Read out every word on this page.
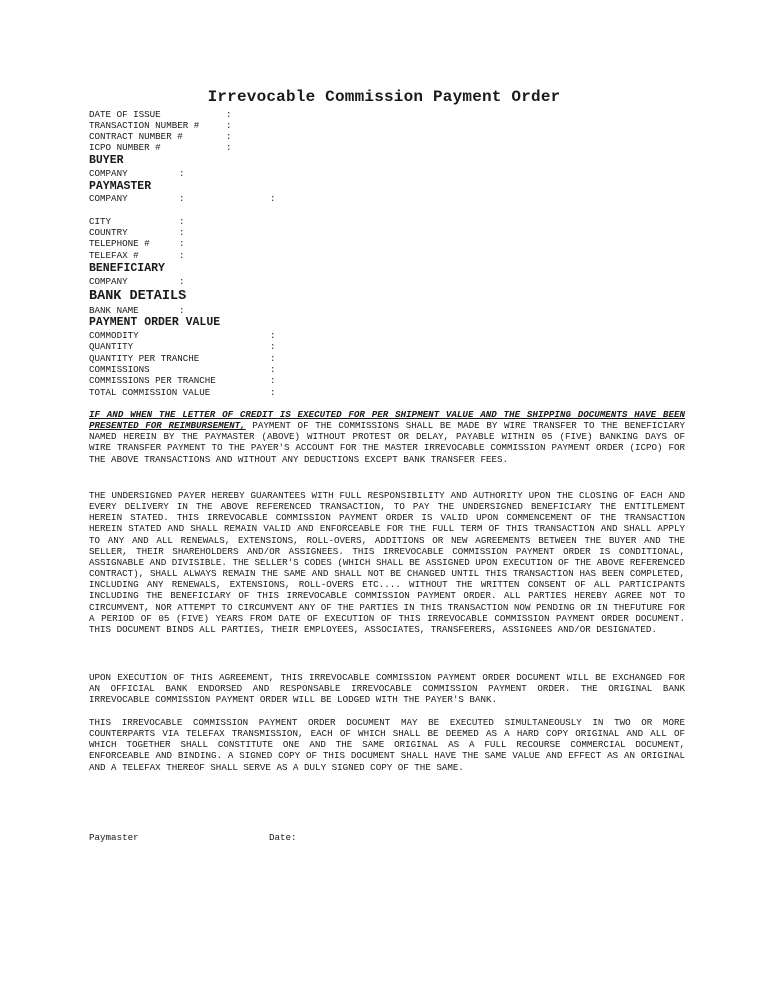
Irrevocable Commission Payment Order
DATE OF ISSUE	:
TRANSACTION NUMBER #	:
CONTRACT NUMBER #	:
ICPO NUMBER #	:
BUYER
COMPANY	:
PAYMASTER
COMPANY	:	:
CITY	:
COUNTRY	:
TELEPHONE #	:
TELEFAX #	:
BENEFICIARY
COMPANY	:
BANK DETAILS
BANK NAME	:
PAYMENT ORDER VALUE
COMMODITY	:
QUANTITY	:
QUANTITY PER TRANCHE	:
COMMISSIONS	:
COMMISSIONS PER TRANCHE	:
TOTAL COMMISSION VALUE	:
IF AND WHEN THE LETTER OF CREDIT IS EXECUTED FOR PER SHIPMENT VALUE AND THE SHIPPING DOCUMENTS HAVE BEEN PRESENTED FOR REIMBURSEMENT, PAYMENT OF THE COMMISSIONS SHALL BE MADE BY WIRE TRANSFER TO THE BENEFICIARY NAMED HEREIN BY THE PAYMASTER (ABOVE) WITHOUT PROTEST OR DELAY, PAYABLE WITHIN 05 (FIVE) BANKING DAYS OF WIRE TRANSFER PAYMENT TO THE PAYER'S ACCOUNT FOR THE MASTER IRREVOCABLE COMMISSION PAYMENT ORDER (ICPO) FOR THE ABOVE TRANSACTIONS AND WITHOUT ANY DEDUCTIONS EXCEPT BANK TRANSFER FEES.
THE UNDERSIGNED PAYER HEREBY GUARANTEES WITH FULL RESPONSIBILITY AND AUTHORITY UPON THE CLOSING OF EACH AND EVERY DELIVERY IN THE ABOVE REFERENCED TRANSACTION, TO PAY THE UNDERSIGNED BENEFICIARY THE ENTITLEMENT HEREIN STATED. THIS IRREVOCABLE COMMISSION PAYMENT ORDER IS VALID UPON COMMENCEMENT OF THE TRANSACTION HEREIN STATED AND SHALL REMAIN VALID AND ENFORCEABLE FOR THE FULL TERM OF THIS TRANSACTION AND SHALL APPLY TO ANY AND ALL RENEWALS, EXTENSIONS, ROLL-OVERS, ADDITIONS OR NEW AGREEMENTS BETWEEN THE BUYER AND THE SELLER, THEIR SHAREHOLDERS AND/OR ASSIGNEES. THIS IRREVOCABLE COMMISSION PAYMENT ORDER IS CONDITIONAL, ASSIGNABLE AND DIVISIBLE. THE SELLER'S CODES (WHICH SHALL BE ASSIGNED UPON EXECUTION OF THE ABOVE REFERENCED CONTRACT), SHALL ALWAYS REMAIN THE SAME AND SHALL NOT BE CHANGED UNTIL THIS TRANSACTION HAS BEEN COMPLETED, INCLUDING ANY RENEWALS, EXTENSIONS, ROLL-OVERS ETC.... WITHOUT THE WRITTEN CONSENT OF ALL PARTICIPANTS INCLUDING THE BENEFICIARY OF THIS IRREVOCABLE COMMISSION PAYMENT ORDER. ALL PARTIES HEREBY AGREE NOT TO CIRCUMVENT, NOR ATTEMPT TO CIRCUMVENT ANY OF THE PARTIES IN THIS TRANSACTION NOW PENDING OR IN THEFUTURE FOR A PERIOD OF 05 (FIVE) YEARS FROM DATE OF EXECUTION OF THIS IRREVOCABLE COMMISSION PAYMENT ORDER DOCUMENT. THIS DOCUMENT BINDS ALL PARTIES, THEIR EMPLOYEES, ASSOCIATES, TRANSFERERS, ASSIGNEES AND/OR DESIGNATED.
UPON EXECUTION OF THIS AGREEMENT, THIS IRREVOCABLE COMMISSION PAYMENT ORDER DOCUMENT WILL BE EXCHANGED FOR AN OFFICIAL BANK ENDORSED AND RESPONSABLE IRREVOCABLE COMMISSION PAYMENT ORDER. THE ORIGINAL BANK IRREVOCABLE COMMISSION PAYMENT ORDER WILL BE LODGED WITH THE PAYER'S BANK.
THIS IRREVOCABLE COMMISSION PAYMENT ORDER DOCUMENT MAY BE EXECUTED SIMULTANEOUSLY IN TWO OR MORE COUNTERPARTS VIA TELEFAX TRANSMISSION, EACH OF WHICH SHALL BE DEEMED AS A HARD COPY ORIGINAL AND ALL OF WHICH TOGETHER SHALL CONSTITUTE ONE AND THE SAME ORIGINAL AS A FULL RECOURSE COMMERCIAL DOCUMENT, ENFORCEABLE AND BINDING. A SIGNED COPY OF THIS DOCUMENT SHALL HAVE THE SAME VALUE AND EFFECT AS AN ORIGINAL AND A TELEFAX THEREOF SHALL SERVE AS A DULY SIGNED COPY OF THE SAME.
Paymaster	Date:
